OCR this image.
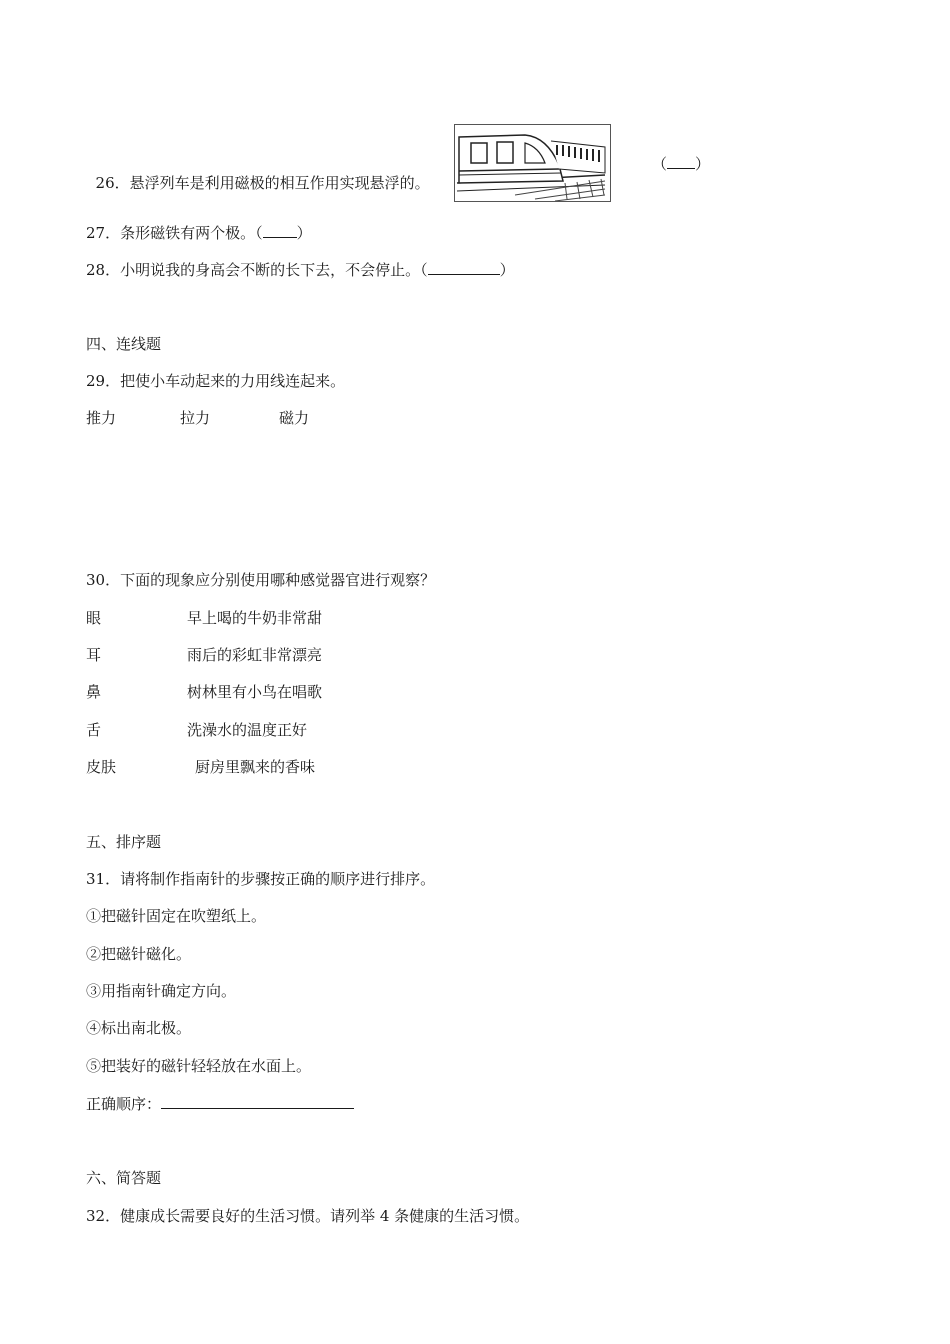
26．悬浮列车是利用磁极的相互作用实现悬浮的。

（ ）
27．条形磁铁有两个极。（ ）
28．小明说我的身高会不断的长下去，不会停止。（	）
四、连线题
29．把使小车动起来的力用线连起来。
推力	拉力	磁力
30．下面的现象应分别使用哪种感觉器官进行观察？
眼	早上喝的牛奶非常甜
耳	雨后的彩虹非常漂亮
鼻	树林里有小鸟在唱歌
舌	洗澡水的温度正好
皮肤	厨房里飘来的香味
五、排序题
31．请将制作指南针的步骤按正确的顺序进行排序。
①把磁针固定在吹塑纸上。
②把磁针磁化。
③用指南针确定方向。
④标出南北极。
⑤把装好的磁针轻轻放在水面上。
正确顺序：
六、简答题
32．健康成长需要良好的生活习惯。请列举 4 条健康的生活习惯。
